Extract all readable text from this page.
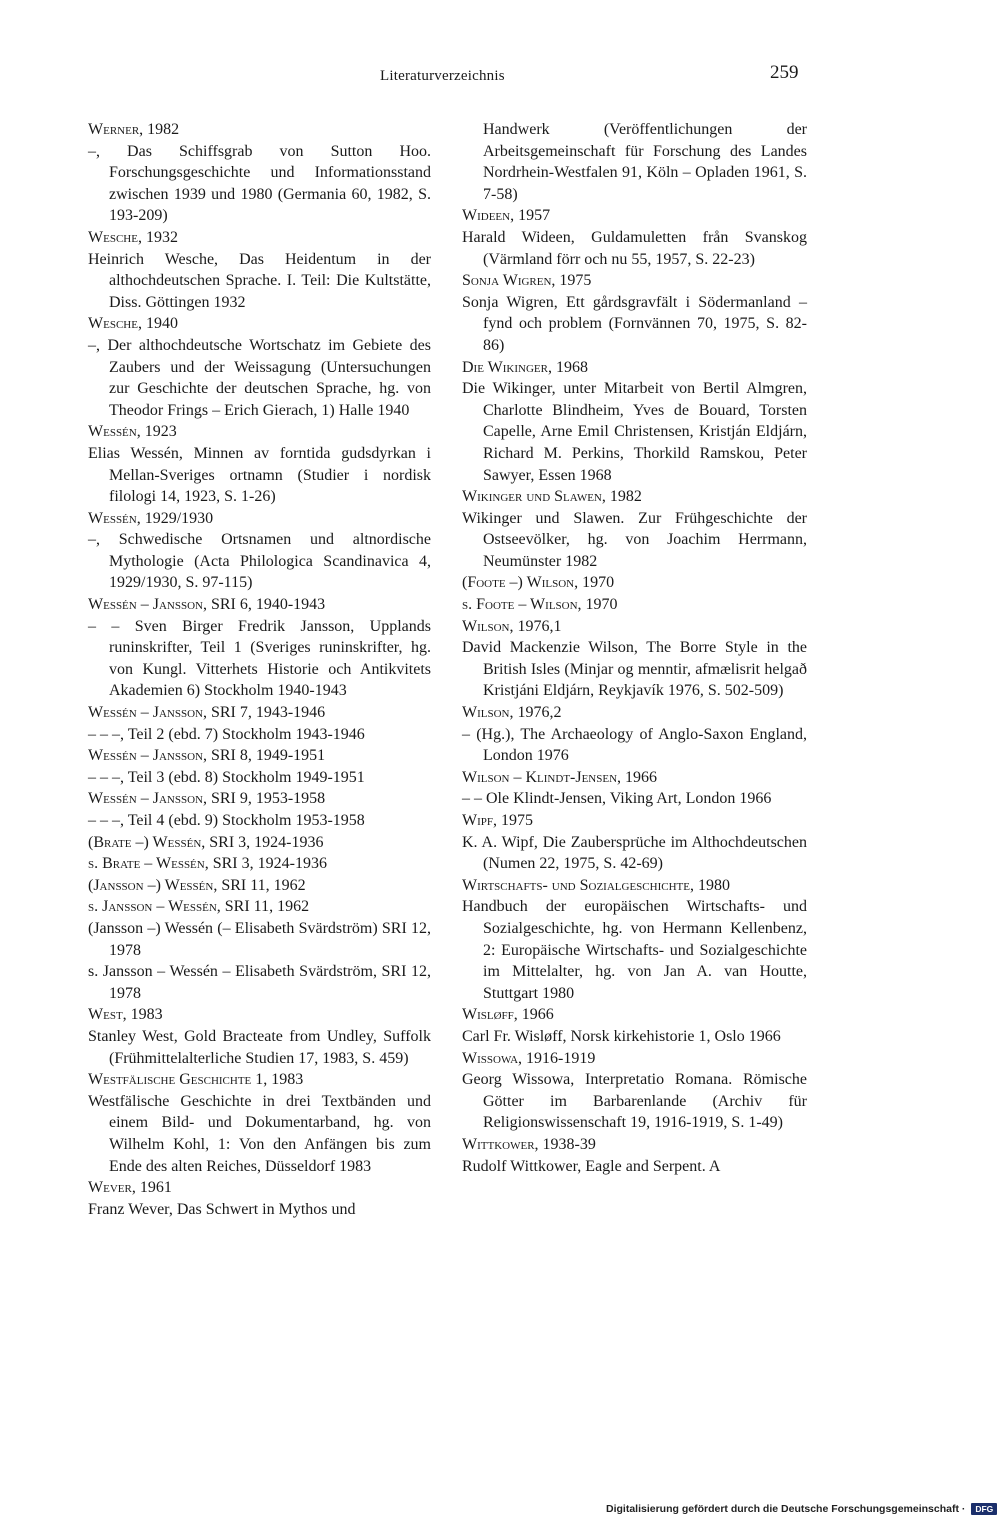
Literaturverzeichnis	259
Werner, 1982
–, Das Schiffsgrab von Sutton Hoo. Forschungsgeschichte und Informationsstand zwischen 1939 und 1980 (Germania 60, 1982, S. 193-209)
Wesche, 1932
Heinrich Wesche, Das Heidentum in der althochdeutschen Sprache. I. Teil: Die Kultstätte, Diss. Göttingen 1932
Wesche, 1940
–, Der althochdeutsche Wortschatz im Gebiete des Zaubers und der Weissagung (Untersuchungen zur Geschichte der deutschen Sprache, hg. von Theodor Frings – Erich Gierach, 1) Halle 1940
Wessén, 1923
Elias Wessén, Minnen av forntida gudsdyrkan i Mellan-Sveriges ortnamn (Studier i nordisk filologi 14, 1923, S. 1-26)
Wessén, 1929/1930
–, Schwedische Ortsnamen und altnordische Mythologie (Acta Philologica Scandinavica 4, 1929/1930, S. 97-115)
Wessén – Jansson, SRI 6, 1940-1943
– – Sven Birger Fredrik Jansson, Upplands runinskrifter, Teil 1 (Sveriges runinskrifter, hg. von Kungl. Vitterhets Historie och Antikvitets Akademien 6) Stockholm 1940-1943
Wessén – Jansson, SRI 7, 1943-1946
– – –, Teil 2 (ebd. 7) Stockholm 1943-1946
Wessén – Jansson, SRI 8, 1949-1951
– – –, Teil 3 (ebd. 8) Stockholm 1949-1951
Wessén – Jansson, SRI 9, 1953-1958
– – –, Teil 4 (ebd. 9) Stockholm 1953-1958
(Brate –) Wessén, SRI 3, 1924-1936
s. Brate – Wessén, SRI 3, 1924-1936
(Jansson –) Wessén, SRI 11, 1962
s. Jansson – Wessén, SRI 11, 1962
(Jansson –) Wessén (– Elisabeth Svärdström) SRI 12, 1978
s. Jansson – Wessén – Elisabeth Svärdström, SRI 12, 1978
West, 1983
Stanley West, Gold Bracteate from Undley, Suffolk (Frühmittelalterliche Studien 17, 1983, S. 459)
Westfälische Geschichte 1, 1983
Westfälische Geschichte in drei Textbänden und einem Bild- und Dokumentarband, hg. von Wilhelm Kohl, 1: Von den Anfängen bis zum Ende des alten Reiches, Düsseldorf 1983
Wever, 1961
Franz Wever, Das Schwert in Mythos und
Handwerk (Veröffentlichungen der Arbeitsgemeinschaft für Forschung des Landes Nordrhein-Westfalen 91, Köln – Opladen 1961, S. 7-58)
Wideen, 1957
Harald Wideen, Guldamuletten från Svanskog (Värmland förr och nu 55, 1957, S. 22-23)
Sonja Wigren, 1975
Sonja Wigren, Ett gårdsgravfält i Södermanland – fynd och problem (Fornvännen 70, 1975, S. 82-86)
Die Wikinger, 1968
Die Wikinger, unter Mitarbeit von Bertil Almgren, Charlotte Blindheim, Yves de Bouard, Torsten Capelle, Arne Emil Christensen, Kristján Eldjárn, Richard M. Perkins, Thorkild Ramskou, Peter Sawyer, Essen 1968
Wikinger und Slawen, 1982
Wikinger und Slawen. Zur Frühgeschichte der Ostseevölker, hg. von Joachim Herrmann, Neumünster 1982
(Foote –) Wilson, 1970
s. Foote – Wilson, 1970
Wilson, 1976,1
David Mackenzie Wilson, The Borre Style in the British Isles (Minjar og menntir, afmælisrit helgað Kristjáni Eldjárn, Reykjavík 1976, S. 502-509)
Wilson, 1976,2
– (Hg.), The Archaeology of Anglo-Saxon England, London 1976
Wilson – Klindt-Jensen, 1966
– – Ole Klindt-Jensen, Viking Art, London 1966
Wipf, 1975
K. A. Wipf, Die Zaubersprüche im Althochdeutschen (Numen 22, 1975, S. 42-69)
Wirtschafts- und Sozialgeschichte, 1980
Handbuch der europäischen Wirtschafts- und Sozialgeschichte, hg. von Hermann Kellenbenz, 2: Europäische Wirtschafts- und Sozialgeschichte im Mittelalter, hg. von Jan A. van Houtte, Stuttgart 1980
Wisløff, 1966
Carl Fr. Wisløff, Norsk kirkehistorie 1, Oslo 1966
Wissowa, 1916-1919
Georg Wissowa, Interpretatio Romana. Römische Götter im Barbarenlande (Archiv für Religionswissenschaft 19, 1916-1919, S. 1-49)
Wittkower, 1938-39
Rudolf Wittkower, Eagle and Serpent. A
Digitalisierung gefördert durch die Deutsche Forschungsgemeinschaft · DFG
